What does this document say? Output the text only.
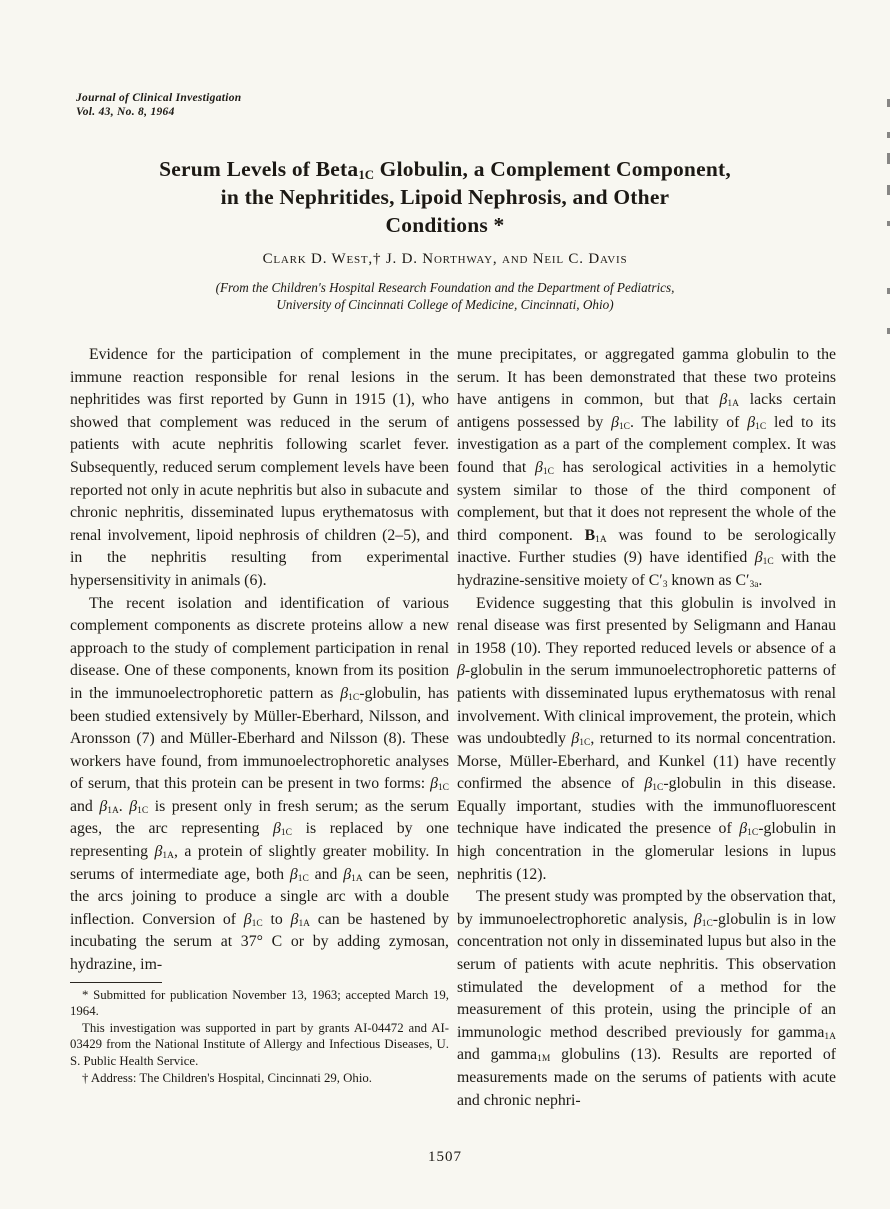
Journal of Clinical Investigation
Vol. 43, No. 8, 1964
Serum Levels of Beta$_{1C}$ Globulin, a Complement Component,
in the Nephritides, Lipoid Nephrosis, and Other
Conditions *
Clark D. West,† J. D. Northway, and Neil C. Davis
(From the Children's Hospital Research Foundation and the Department of Pediatrics,
University of Cincinnati College of Medicine, Cincinnati, Ohio)

Evidence for the participation of complement in the immune reaction responsible for renal lesions in the nephritides was first reported by Gunn in 1915 (1), who showed that complement was reduced in the serum of patients with acute nephritis following scarlet fever. Subsequently, reduced serum complement levels have been reported not only in acute nephritis but also in subacute and chronic nephritis, disseminated lupus erythematosus with renal involvement, lipoid nephrosis of children (2–5), and in the nephritis resulting from experimental hypersensitivity in animals (6).

The recent isolation and identification of various complement components as discrete proteins allow a new approach to the study of complement participation in renal disease. One of these components, known from its position in the immunoelectrophoretic pattern as $\beta_{1C}$-globulin, has been studied extensively by Müller-Eberhard, Nilsson, and Aronsson (7) and Müller-Eberhard and Nilsson (8). These workers have found, from immunoelectrophoretic analyses of serum, that this protein can be present in two forms: $\beta_{1C}$ and $\beta_{1A}$. $\beta_{1C}$ is present only in fresh serum; as the serum ages, the arc representing $\beta_{1C}$ is replaced by one representing $\beta_{1A}$, a protein of slightly greater mobility. In serums of intermediate age, both $\beta_{1C}$ and $\beta_{1A}$ can be seen, the arcs joining to produce a single arc with a double inflection. Conversion of $\beta_{1C}$ to $\beta_{1A}$ can be hastened by incubating the serum at 37° C or by adding zymosan, hydrazine, im-

* Submitted for publication November 13, 1963; accepted March 19, 1964.

This investigation was supported in part by grants AI-04472 and AI-03429 from the National Institute of Allergy and Infectious Diseases, U. S. Public Health Service.

† Address: The Children's Hospital, Cincinnati 29, Ohio.

mune precipitates, or aggregated gamma globulin to the serum. It has been demonstrated that these two proteins have antigens in common, but that $\beta_{1A}$ lacks certain antigens possessed by $\beta_{1C}$. The lability of $\beta_{1C}$ led to its investigation as a part of the complement complex. It was found that $\beta_{1C}$ has serological activities in a hemolytic system similar to those of the third component of complement, but that it does not represent the whole of the third component. $B_{1A}$ was found to be serologically inactive. Further studies (9) have identified $\beta_{1C}$ with the hydrazine-sensitive moiety of $C'_3$ known as $C'_{3a}$.

Evidence suggesting that this globulin is involved in renal disease was first presented by Seligmann and Hanau in 1958 (10). They reported reduced levels or absence of a β-globulin in the serum immunoelectrophoretic patterns of patients with disseminated lupus erythematosus with renal involvement. With clinical improvement, the protein, which was undoubtedly $\beta_{1C}$, returned to its normal concentration. Morse, Müller-Eberhard, and Kunkel (11) have recently confirmed the absence of $\beta_{1C}$-globulin in this disease. Equally important, studies with the immunofluorescent technique have indicated the presence of $\beta_{1C}$-globulin in high concentration in the glomerular lesions in lupus nephritis (12).

The present study was prompted by the observation that, by immunoelectrophoretic analysis, $\beta_{1C}$-globulin is in low concentration not only in disseminated lupus but also in the serum of patients with acute nephritis. This observation stimulated the development of a method for the measurement of this protein, using the principle of an immunologic method described previously for gamma$_{1A}$ and gamma$_{1M}$ globulins (13). Results are reported of measurements made on the serums of patients with acute and chronic nephri-

1507
